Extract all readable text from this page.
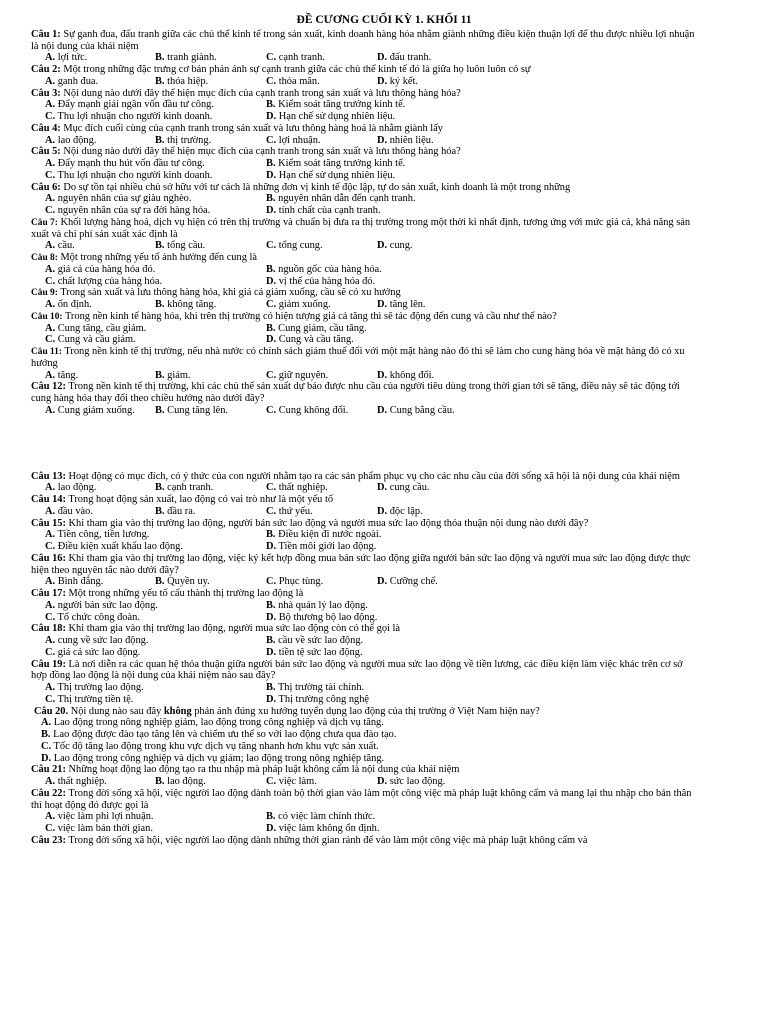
ĐỀ CƯƠNG CUỐI KỲ 1. KHỐI 11
Câu 1: Sự ganh đua, đấu tranh giữa các chủ thể kinh tế trong sản xuất, kinh doanh hàng hóa nhằm giành những điều kiện thuận lợi để thu được nhiều lợi nhuận là nội dung của khái niệm
A. lợi tức.	B. tranh giành.	C. cạnh tranh.	D. đấu tranh.
Câu 2: Một trong những đặc trưng cơ bản phản ánh sự cạnh tranh giữa các chủ thể kinh tế đó là giữa họ luôn luôn có sự
A. ganh đua.	B. thỏa hiệp.	C. thỏa mãn.	D. ký kết.
Câu 3: Nội dung nào dưới đây thể hiện mục đích của cạnh tranh trong sản xuất và lưu thông hàng hóa?
A. Đẩy mạnh giải ngân vốn đầu tư công.	B. Kiểm soát tăng trưởng kinh tế.
C. Thu lợi nhuận cho người kinh doanh.	D. Hạn chế sử dụng nhiên liệu.
Câu 4: Mục đích cuối cùng của cạnh tranh trong sản xuất và lưu thông hàng hoá là nhằm giành lấy
A. lao động.	B. thị trường.	C. lợi nhuận.	D. nhiên liệu.
Câu 5: Nội dung nào dưới đây thể hiện mục đích của cạnh tranh trong sản xuất và lưu thông hàng hóa?
A. Đẩy mạnh thu hút vốn đầu tư công.	B. Kiểm soát tăng trưởng kinh tế.
C. Thu lợi nhuận cho người kinh doanh.	D. Hạn chế sử dụng nhiên liệu.
Câu 6: Do sự tồn tại nhiều chủ sở hữu với tư cách là những đơn vị kinh tế độc lập, tự do sản xuất, kinh doanh là một trong những
A. nguyên nhân của sự giàu nghèo.	B. nguyên nhân dẫn đến cạnh tranh.
C. nguyên nhân của sự ra đời hàng hóa.	D. tính chất của cạnh tranh.
Câu 7: Khối lượng hàng hoá, dịch vụ hiện có trên thị trường và chuẩn bị đưa ra thị trường trong một thời kì nhất định, tương ứng với mức giá cả, khả năng sản xuất và chi phí sản xuất xác định là
A. cầu.	B. tổng cầu.	C. tổng cung.	D. cung.
Câu 8: Một trong những yếu tố ảnh hưởng đến cung là
A. giá cả của hàng hóa đó.	B. nguồn gốc của hàng hóa.
C. chất lượng của hàng hóa.	D. vị thế của hàng hóa đó.
Câu 9: Trong sản xuất và lưu thông hàng hóa, khi giá cả giảm xuống, cầu sẽ có xu hướng
A. ổn định.	B. không tăng.	C. giảm xuống.	D. tăng lên.
Câu 10: Trong nền kinh tế hàng hóa, khi trên thị trường có hiện tượng giá cả tăng thì sẽ tác động đến cung và cầu như thế nào?
A. Cung tăng, cầu giảm.	B. Cung giảm, cầu tăng.
C. Cung và cầu giảm.	D. Cung và cầu tăng.
Câu 11: Trong nền kinh tế thị trường, nếu nhà nước có chính sách giảm thuế đối với một mặt hàng nào đó thì sẽ làm cho cung hàng hóa về mặt hàng đó có xu hướng
A. tăng.	B. giảm.	C. giữ nguyên.	D. không đổi.
Câu 12: Trong nền kinh tế thị trường, khi các chủ thể sản xuất dự báo được nhu cầu của người tiêu dùng trong thời gian tới sẽ tăng, điều này sẽ tác động tới cung hàng hóa thay đổi theo chiều hướng nào dưới đây?
A. Cung giảm xuống.	B. Cung tăng lên.	C. Cung không đổi.	D. Cung bằng cầu.
Câu 13: Hoạt động có mục đích, có ý thức của con người nhằm tạo ra các sản phẩm phục vụ cho các nhu cầu của đời sống xã hội là nội dung của khái niệm
A. lao động.	B. cạnh tranh.	C. thất nghiệp.	D. cung cầu.
Câu 14: Trong hoạt động sản xuất, lao động có vai trò như là một yếu tố
A. đầu vào.	B. đầu ra.	C. thứ yếu.	D. độc lập.
Câu 15: Khi tham gia vào thị trường lao động, người bán sức lao động và người mua sức lao động thỏa thuận nội dung nào dưới đây?
A. Tiền công, tiền lương.	B. Điều kiện đi nước ngoài.
C. Điều kiện xuất khẩu lao động.	D. Tiền môi giới lao động.
Câu 16: Khi tham gia vào thị trường lao động, việc ký kết hợp đồng mua bán sức lao động giữa người bán sức lao động và người mua sức lao động được thực hiện theo nguyên tắc nào dưới đây?
A. Bình đẳng.	B. Quyền uy.	C. Phục tùng.	D. Cưỡng chế.
Câu 17: Một trong những yếu tố cấu thành thị trường lao động là
A. người bán sức lao động.	B. nhà quản lý lao động.
C. Tổ chức công đoàn.	D. Bộ thương bộ lao động.
Câu 18: Khi tham gia vào thị trường lao động, người mua sức lao động còn có thể gọi là
A. cung về sức lao động.	B. cầu về sức lao động.
C. giá cả sức lao động.	D. tiền tệ sức lao động.
Câu 19: Là nơi diễn ra các quan hệ thỏa thuận giữa người bán sức lao động và người mua sức lao động về tiền lương, các điều kiện làm việc khác trên cơ sở hợp đồng lao động là nội dung của khái niệm nào sau đây?
A. Thị trường lao động.	B. Thị trường tài chính.
C. Thị trường tiền tệ.	D. Thị trường công nghệ
Câu 20. Nội dung nào sau đây không phản ánh đúng xu hướng tuyển dụng lao động của thị trường ở Việt Nam hiện nay?
A. Lao động trong nông nghiệp giảm, lao động trong công nghiệp và dịch vụ tăng.
B. Lao động được đào tạo tăng lên và chiếm ưu thế so với lao động chưa qua đào tạo.
C. Tốc độ tăng lao động trong khu vực dịch vụ tăng nhanh hơn khu vực sản xuất.
D. Lao động trong công nghiệp và dịch vụ giảm; lao động trong nông nghiệp tăng.
Câu 21: Những hoạt động lao động tạo ra thu nhập mà pháp luật không cấm là nội dung của khái niệm
A. thất nghiệp.	B. lao động.	C. việc làm.	D. sức lao động.
Câu 22: Trong đời sống xã hội, việc người lao động dành toàn bộ thời gian vào làm một công việc mà pháp luật không cấm và mang lại thu nhập cho bản thân thì hoạt động đó được gọi là
A. việc làm phi lợi nhuận.	B. có việc làm chính thức.
C. việc làm bán thời gian.	D. việc làm không ổn định.
Câu 23: Trong đời sống xã hội, việc người lao động dành những thời gian rảnh để vào làm một công việc mà pháp luật không cấm và
